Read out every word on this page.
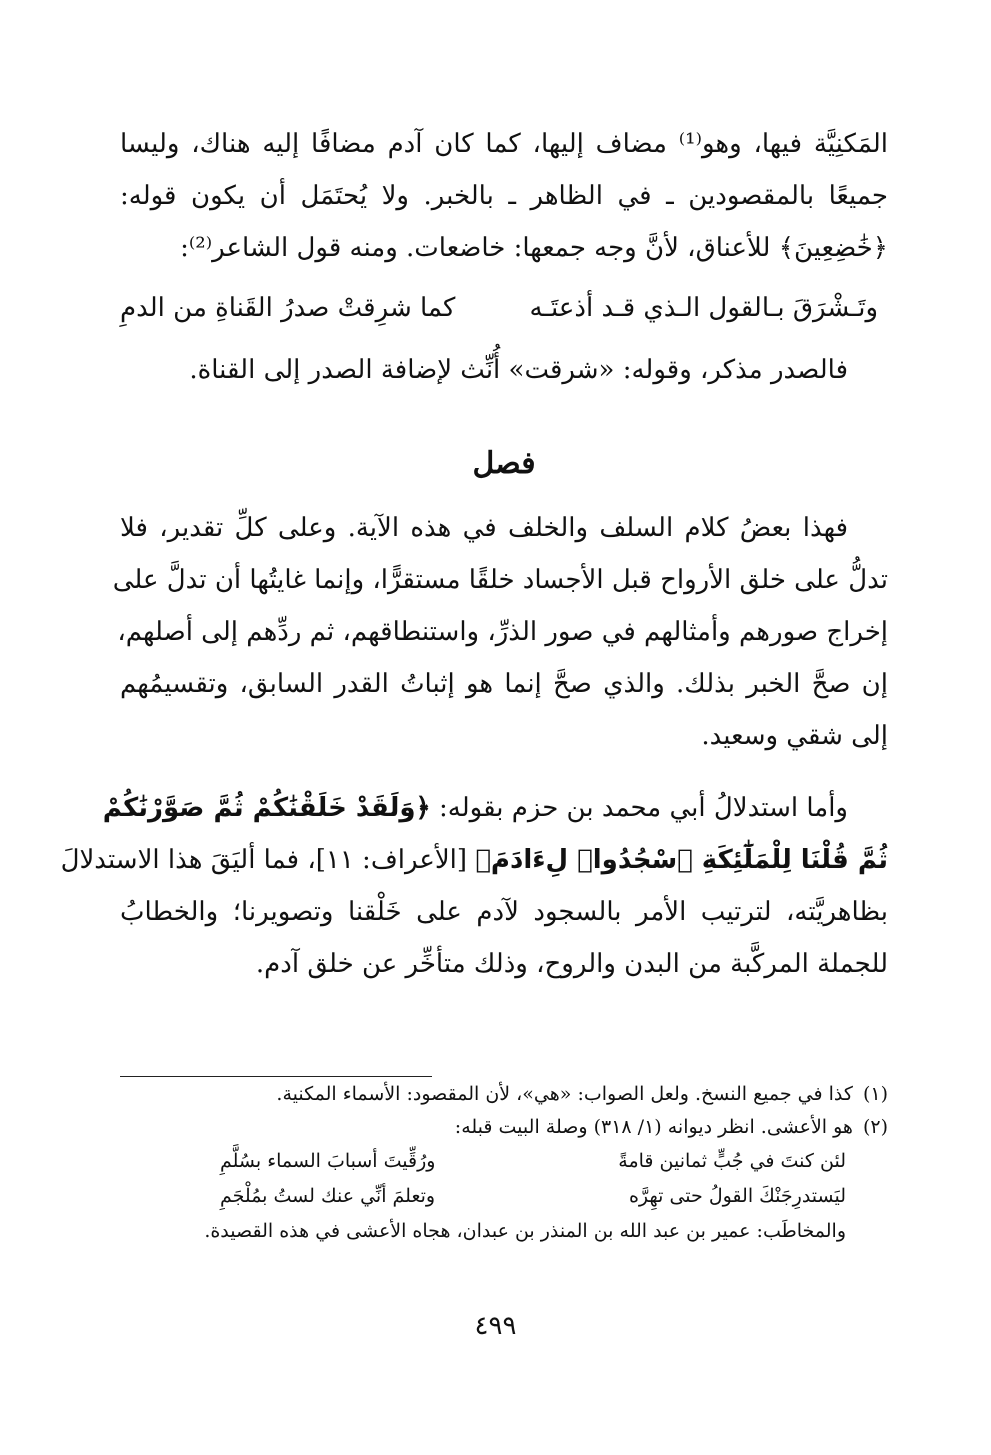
المَكنِيَّة فيها، وهو⁽¹⁾ مضاف إليها، كما كان آدم مضافًا إليه هناك، وليسا
جميعًا بالمقصودين ـ في الظاهر ـ بالخبر. ولا يُحتَمَل أن يكون قوله:
﴿خَٰضِعِينَ﴾ للأعناق، لأنَّ وجه جمعها: خاضعات. ومنه قول الشاعر⁽²⁾:
وتَـشْرَقَ بـالقول الـذي قـد أذعتَـه
كما شرِقتْ صدرُ القَناةِ من الدمِ
فالصدر مذكر، وقوله: «شرقت» أُنِّث لإضافة الصدر إلى القناة.
فصل
فهذا بعضُ كلام السلف والخلف في هذه الآية. وعلى كلِّ تقدير، فلا
تدلُّ على خلق الأرواح قبل الأجساد خلقًا مستقرًّا، وإنما غايتُها أن تدلَّ على
إخراج صورهم وأمثالهم في صور الذرِّ، واستنطاقهم، ثم ردِّهم إلى أصلهم،
إن صحَّ الخبر بذلك. والذي صحَّ إنما هو إثباتُ القدر السابق، وتقسيمُهم
إلى شقي وسعيد.
وأما استدلالُ أبي محمد بن حزم بقوله: ﴿وَلَقَدْ خَلَقْنَٰكُمْ ثُمَّ صَوَّرْنَٰكُمْ
ثُمَّ قُلْنَا لِلْمَلَٰٓئِكَةِ ٱسْجُدُوا۟ لِءَادَمَ﴾ [الأعراف: ١١]، فما أليَقَ هذا الاستدلالَ
بظاهريَّته، لترتيب الأمر بالسجود لآدم على خَلْقنا وتصويرنا؛ والخطابُ
للجملة المركَّبة من البدن والروح، وذلك متأخِّر عن خلق آدم.
(١)كذا في جميع النسخ. ولعل الصواب: «هي»، لأن المقصود: الأسماء المكنية.
(٢)هو الأعشى. انظر ديوانه (١/ ٣١٨) وصلة البيت قبله:
لئن كنتَ في جُبٍّ ثمانين قامةً
ورُقِّيتَ أسبابَ السماء بسُلَّمِ
ليَستدرِجَنْكَ القولُ حتى تهِرَّه
وتعلمَ أنِّي عنك لستُ بمُلْجَمِ
والمخاطَب: عمير بن عبد الله بن المنذر بن عبدان، هجاه الأعشى في هذه القصيدة.
٤٩٩
